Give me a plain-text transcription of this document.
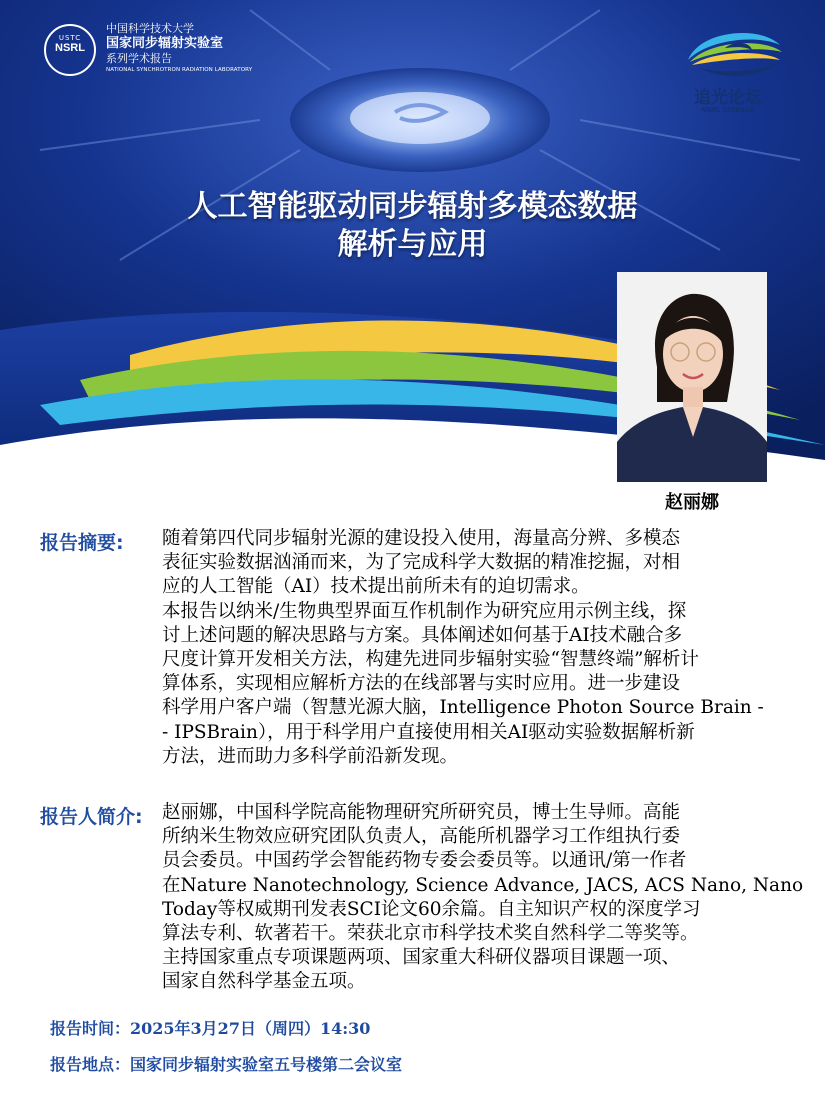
USTC
NSRL
中国科学技术大学
国家同步辐射实验室
系列学术报告
NATIONAL SYNCHROTRON RADIATION LABORATORY
追光论坛
NSRL SEMINAR
人工智能驱动同步辐射多模态数据
解析与应用
赵丽娜
报告摘要: 随着第四代同步辐射光源的建设投入使用，海量高分辨、多模态
表征实验数据汹涌而来，为了完成科学大数据的精准挖掘，对相
应的人工智能（AI）技术提出前所未有的迫切需求。
本报告以纳米/生物典型界面互作机制作为研究应用示例主线，探
讨上述问题的解决思路与方案。具体阐述如何基于AI技术融合多
尺度计算开发相关方法，构建先进同步辐射实验“智慧终端”解析计
算体系，实现相应解析方法的在线部署与实时应用。进一步建设
科学用户客户端（智慧光源大脑，Intelligence Photon Source Brain -
- IPSBrain），用于科学用户直接使用相关AI驱动实验数据解析新
方法，进而助力多科学前沿新发现。
报告人简介: 赵丽娜，中国科学院高能物理研究所研究员，博士生导师。高能
所纳米生物效应研究团队负责人，高能所机器学习工作组执行委
员会委员。中国药学会智能药物专委会委员等。以通讯/第一作者
在Nature Nanotechnology, Science Advance, JACS, ACS Nano, Nano
Today等权威期刊发表SCI论文60余篇。自主知识产权的深度学习
算法专利、软著若干。荣获北京市科学技术奖自然科学二等奖等。
主持国家重点专项课题两项、国家重大科研仪器项目课题一项、
国家自然科学基金五项。
报告时间：2025年3月27日（周四）14:30
报告地点：国家同步辐射实验室五号楼第二会议室
